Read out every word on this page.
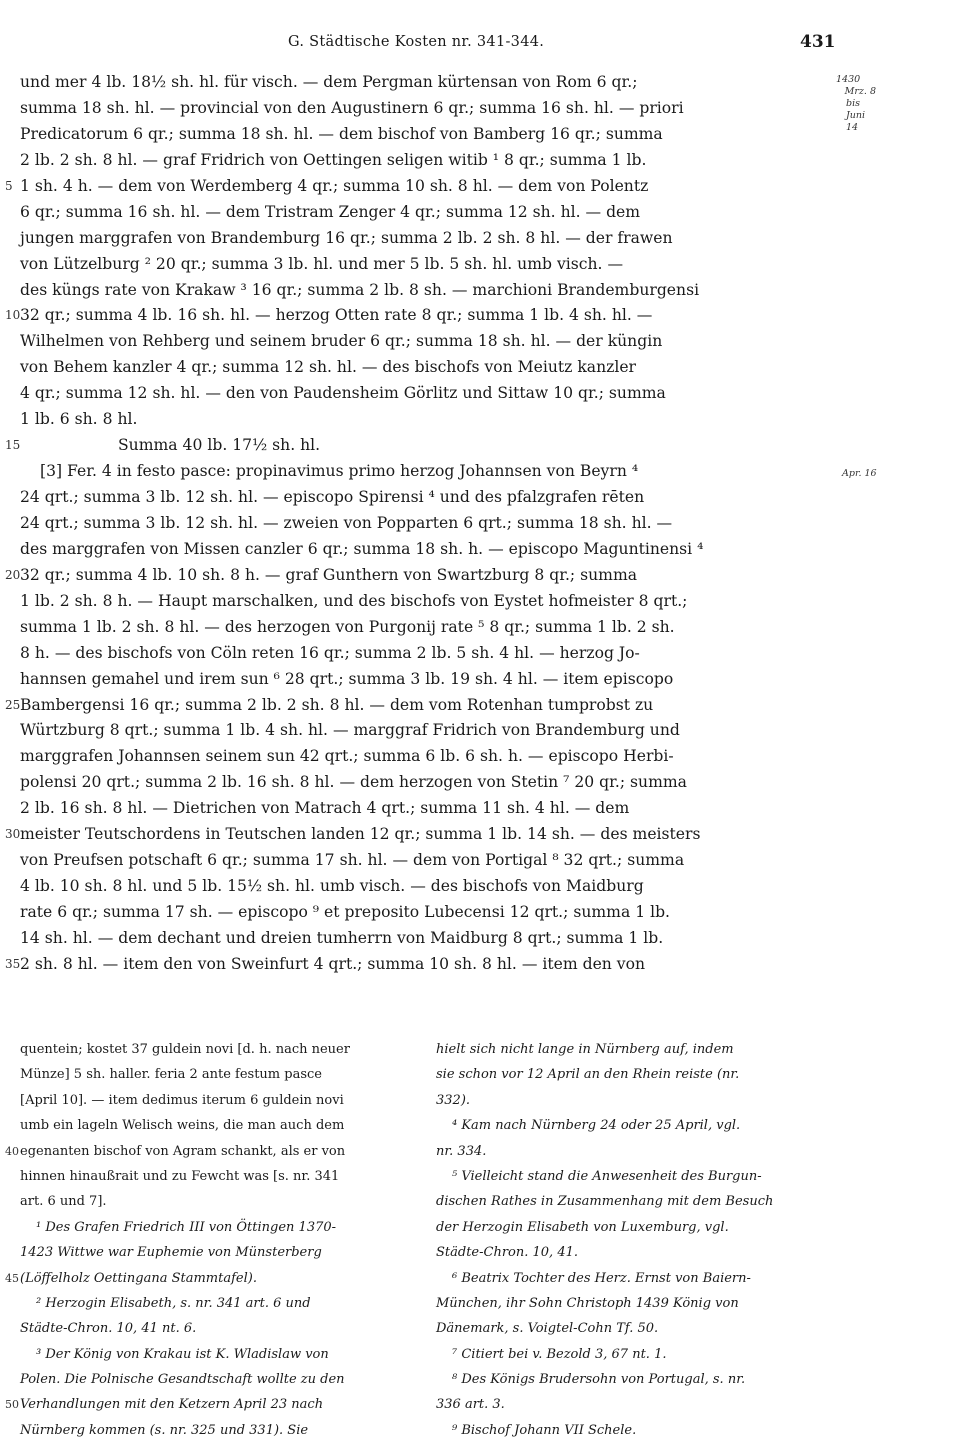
G. Städtische Kosten nr. 341-344.	431
1430
Mrz. 8
bis
Juni 14
Apr. 16
und mer 4 lb. 18½ sh. hl. für visch. — dem Pergman kürtensan von Rom 6 qr.;
summa 18 sh. hl. — provincial von den Augustinern 6 qr.; summa 16 sh. hl. — priori
Predicatorum 6 qr.; summa 18 sh. hl. — dem bischof von Bamberg 16 qr.; summa
2 lb. 2 sh. 8 hl. — graf Fridrich von Oettingen seligen witib ¹ 8 qr.; summa 1 lb.
5 1 sh. 4 h. — dem von Werdemberg 4 qr.; summa 10 sh. 8 hl. — dem von Polentz
6 qr.; summa 16 sh. hl. — dem Tristram Zenger 4 qr.; summa 12 sh. hl. — dem
jungen marggrafen von Brandemburg 16 qr.; summa 2 lb. 2 sh. 8 hl. — der frawen
von Lützelburg ² 20 qr.; summa 3 lb. hl. und mer 5 lb. 5 sh. hl. umb visch. —
des küngs rate von Krakaw ³ 16 qr.; summa 2 lb. 8 sh. — marchioni Brandemburgensi
10 32 qr.; summa 4 lb. 16 sh. hl. — herzog Otten rate 8 qr.; summa 1 lb. 4 sh. hl. —
Wilhelmen von Rehberg und seinem bruder 6 qr.; summa 18 sh. hl. — der küngin
von Behem kanzler 4 qr.; summa 12 sh. hl. — des bischofs von Meiutz kanzler
4 qr.; summa 12 sh. hl. — den von Paudensheim Görlitz und Sittaw 10 qr.; summa
1 lb. 6 sh. 8 hl.
15	Summa 40 lb. 17½ sh. hl.
[3] Fer. 4 in festo pasce: propinavimus primo herzog Johannsen von Beyrn ⁴
24 qrt.; summa 3 lb. 12 sh. hl. — episcopo Spirensi ⁴ und des pfalzgrafen rēten
24 qrt.; summa 3 lb. 12 sh. hl. — zweien von Popparten 6 qrt.; summa 18 sh. hl. —
des marggrafen von Missen canzler 6 qr.; summa 18 sh. h. — episcopo Maguntinensi ⁴
20 32 qr.; summa 4 lb. 10 sh. 8 h. — graf Gunthern von Swartzburg 8 qr.; summa
1 lb. 2 sh. 8 h. — Haupt marschalken, und des bischofs von Eystet hofmeister 8 qrt.;
summa 1 lb. 2 sh. 8 hl. — des herzogen von Purgonij rate ⁵ 8 qr.; summa 1 lb. 2 sh.
8 h. — des bischofs von Cöln reten 16 qr.; summa 2 lb. 5 sh. 4 hl. — herzog Jo-
hannsen gemahel und irem sun ⁶ 28 qrt.; summa 3 lb. 19 sh. 4 hl. — item episcopo
25 Bambergensi 16 qr.; summa 2 lb. 2 sh. 8 hl. — dem vom Rotenhan tumprobst zu
Würtzburg 8 qrt.; summa 1 lb. 4 sh. hl. — marggraf Fridrich von Brandemburg und
marggrafen Johannsen seinem sun 42 qrt.; summa 6 lb. 6 sh. h. — episcopo Herbi-
polensi 20 qrt.; summa 2 lb. 16 sh. 8 hl. — dem herzogen von Stetin ⁷ 20 qr.; summa
2 lb. 16 sh. 8 hl. — Dietrichen von Matrach 4 qrt.; summa 11 sh. 4 hl. — dem
30 meister Teutschordens in Teutschen landen 12 qr.; summa 1 lb. 14 sh. — des meisters
von Preufsen potschaft 6 qr.; summa 17 sh. hl. — dem von Portigal ⁸ 32 qrt.; summa
4 lb. 10 sh. 8 hl. und 5 lb. 15½ sh. hl. umb visch. — des bischofs von Maidburg
rate 6 qr.; summa 17 sh. — episcopo ⁹ et preposito Lubecensi 12 qrt.; summa 1 lb.
14 sh. hl. — dem dechant und dreien tumherrn von Maidburg 8 qrt.; summa 1 lb.
35 2 sh. 8 hl. — item den von Sweinfurt 4 qrt.; summa 10 sh. 8 hl. — item den von
quentein; kostet 37 guldein novi [d. h. nach neuer
Münze] 5 sh. haller. feria 2 ante festum pasce
[April 10]. — item dedimus iterum 6 guldein novi
umb ein lageln Welisch weins, die man auch dem
40 egenanten bischof von Agram schankt, als er von
hinnen hinaußrait und zu Fewcht was [s. nr. 341
art. 6 und 7].
¹ Des Grafen Friedrich III von Öttingen 1370-
1423 Wittwe war Euphemie von Münsterberg
45 (Löffelholz Oettingana Stammtafel).
² Herzogin Elisabeth, s. nr. 341 art. 6 und
Städte-Chron. 10, 41 nt. 6.
³ Der König von Krakau ist K. Wladislaw von
Polen. Die Polnische Gesandtschaft wollte zu den
50 Verhandlungen mit den Ketzern April 23 nach
Nürnberg kommen (s. nr. 325 und 331). Sie
hielt sich nicht lange in Nürnberg auf, indem
sie schon vor 12 April an den Rhein reiste (nr.
332).
⁴ Kam nach Nürnberg 24 oder 25 April, vgl.
nr. 334.
⁵ Vielleicht stand die Anwesenheit des Burgun-
dischen Rathes in Zusammenhang mit dem Besuch
der Herzogin Elisabeth von Luxemburg, vgl.
Städte-Chron. 10, 41.
⁶ Beatrix Tochter des Herz. Ernst von Baiern-
München, ihr Sohn Christoph 1439 König von
Dänemark, s. Voigtel-Cohn Tf. 50.
⁷ Citiert bei v. Bezold 3, 67 nt. 1.
⁸ Des Königs Brudersohn von Portugal, s. nr.
336 art. 3.
⁹ Bischof Johann VII Schele.
